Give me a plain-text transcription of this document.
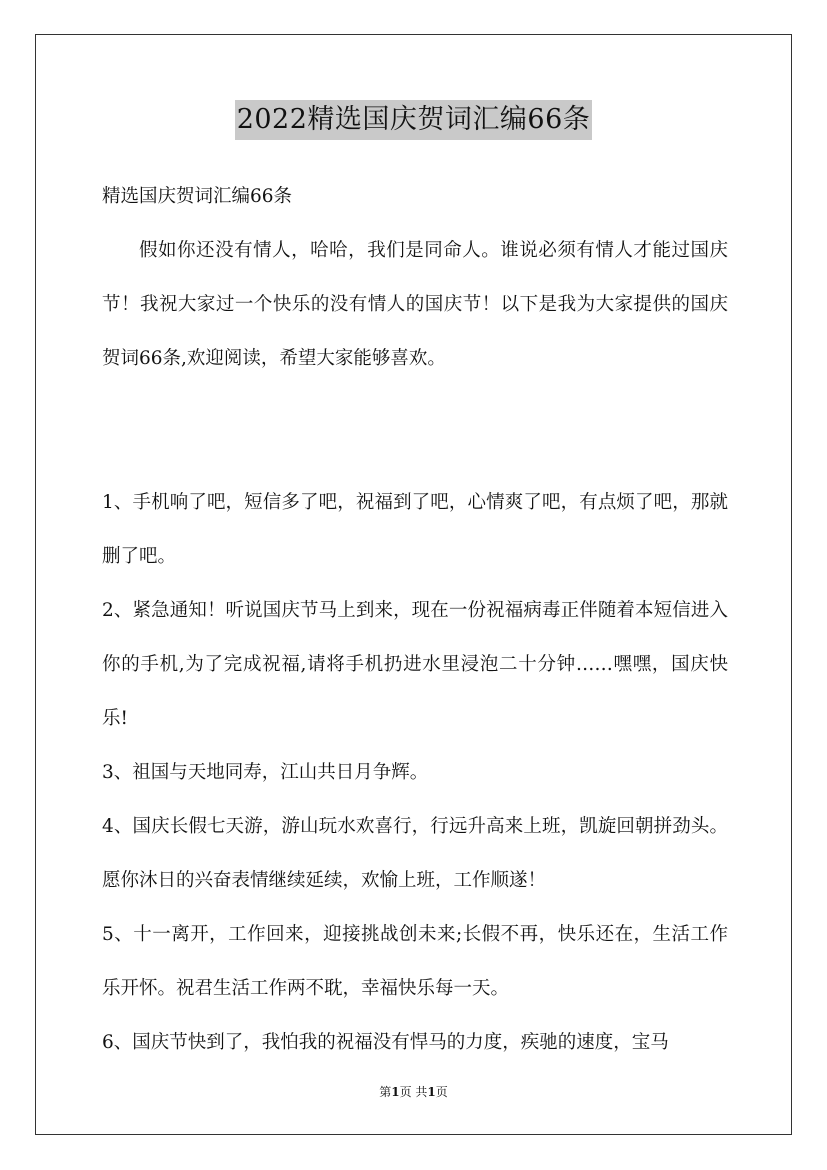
2022精选国庆贺词汇编66条

精选国庆贺词汇编66条

假如你还没有情人，哈哈，我们是同命人。谁说必须有情人才能过国庆节！我祝大家过一个快乐的没有情人的国庆节！以下是我为大家提供的国庆贺词66条,欢迎阅读，希望大家能够喜欢。

1、手机响了吧，短信多了吧，祝福到了吧，心情爽了吧，有点烦了吧，那就删了吧。

2、紧急通知！听说国庆节马上到来，现在一份祝福病毒正伴随着本短信进入你的手机,为了完成祝福,请将手机扔进水里浸泡二十分钟……嘿嘿，国庆快乐!

3、祖国与天地同寿，江山共日月争辉。

4、国庆长假七天游，游山玩水欢喜行，行远升高来上班，凯旋回朝拼劲头。愿你沐日的兴奋表情继续延续，欢愉上班，工作顺遂！

5、十一离开，工作回来，迎接挑战创未来;长假不再，快乐还在，生活工作乐开怀。祝君生活工作两不耽，幸福快乐每一天。

6、国庆节快到了，我怕我的祝福没有悍马的力度，疾驰的速度，宝马

第1页 共1页
